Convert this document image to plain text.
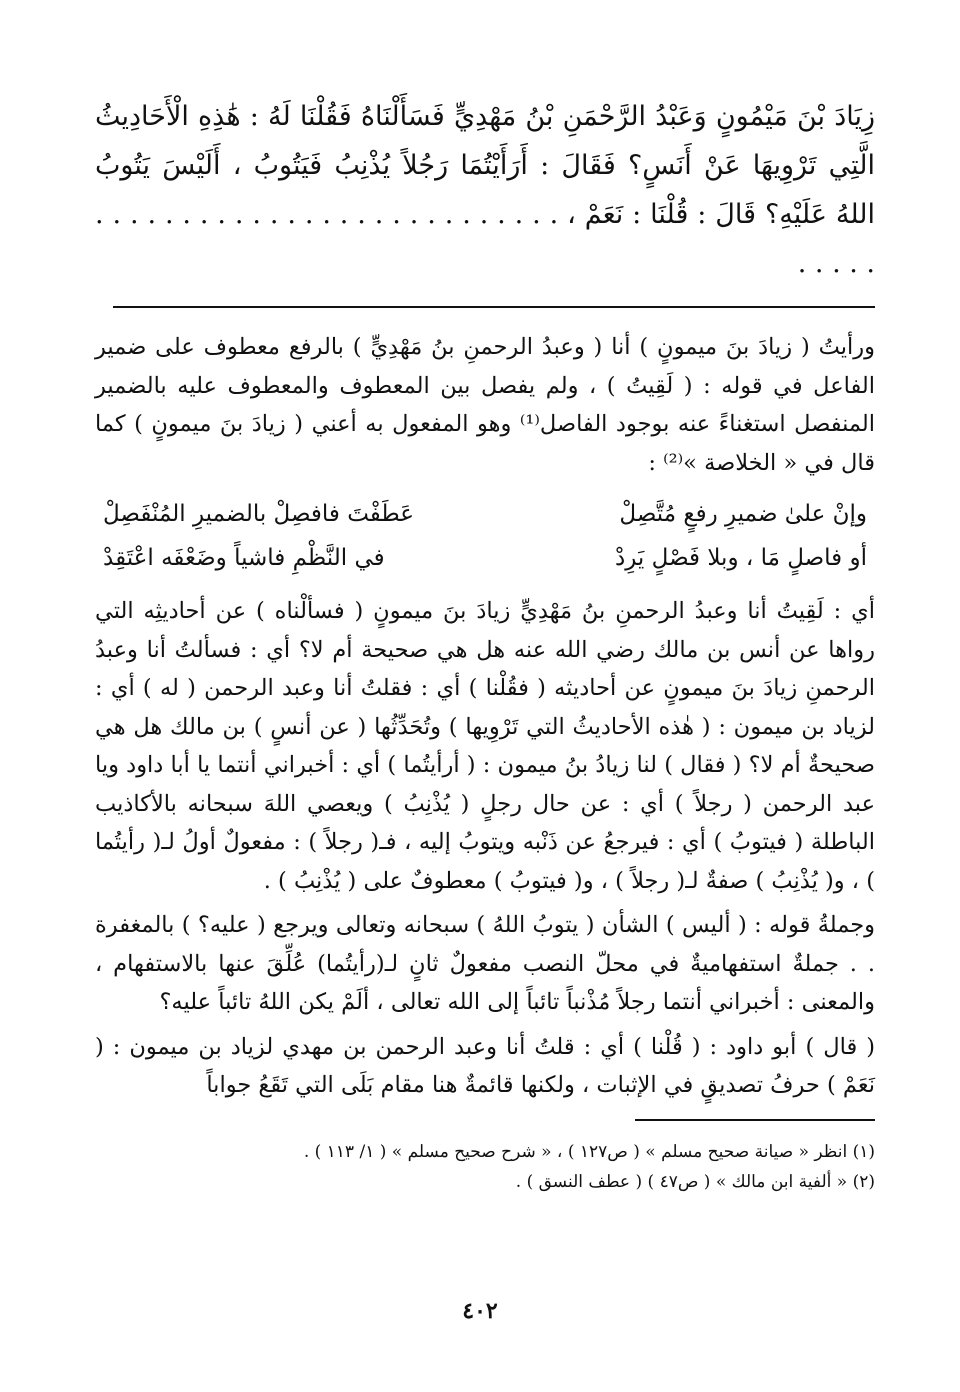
زِيَادَ بْنَ مَيْمُونٍ وَعَبْدُ الرَّحْمَنِ بْنُ مَهْدِيٍّ فَسَأَلْنَاهُ فَقُلْنَا لَهُ : هَٰذِهِ الْأَحَادِيثُ الَّتِي تَرْوِيهَا عَنْ أَنَسٍ؟ فَقَالَ : أَرَأَيْتُمَا رَجُلاً يُذْنِبُ فَيَتُوبُ ، أَلَيْسَ يَتُوبُ اللهُ عَلَيْهِ؟ قَالَ : قُلْنَا : نَعَمْ ، . . . . . . . . . . . . . . . . . . . . . . . . . . . . . . . .

ورأيتُ ( زيادَ بنَ ميمونٍ ) أنا ( وعبدُ الرحمنِ بنُ مَهْدِيٍّ ) بالرفع معطوف على ضمير الفاعل في قوله : ( لَقِيتُ ) ، ولم يفصل بين المعطوف والمعطوف عليه بالضمير المنفصل استغناءً عنه بوجود الفاصل⁽¹⁾ وهو المفعول به أعني ( زيادَ بنَ ميمونٍ ) كما قال في « الخلاصة »⁽²⁾ :

وإنْ علىٰ ضميرِ رفعٍ مُتَّصِلْ
عَطَفْتَ فافصِلْ بالضميرِ المُنْفَصِلْ
أو فاصلٍ مَا ، وبلا فَصْلٍ يَرِدْ
في النَّظْمِ فاشياً وضَعْفَه اعْتَقِدْ

أي : لَقِيتُ أنا وعبدُ الرحمنِ بنُ مَهْدِيٍّ زيادَ بنَ ميمونٍ ( فسألْناه ) عن أحاديثِه التي رواها عن أنس بن مالك رضي الله عنه هل هي صحيحة أم لا؟ أي : فسألتُ أنا وعبدُ الرحمنِ زيادَ بنَ ميمونٍ عن أحاديثه ( فقُلْنا ) أي : فقلتُ أنا وعبد الرحمن ( له ) أي : لزياد بن ميمون : ( هٰذه الأحاديثُ التي تَرْوِيها ) وتُحَدِّثُها ( عن أنسٍ ) بن مالك هل هي صحيحةٌ أم لا؟ ( فقال ) لنا زيادُ بنُ ميمون : ( أرأيتُما ) أي : أخبراني أنتما يا أبا داود ويا عبد الرحمن ( رجلاً ) أي : عن حال رجلٍ ( يُذْنِبُ ) ويعصي اللهَ سبحانه بالأكاذيب الباطلة ( فيتوبُ ) أي : فيرجعُ عن ذَنْبه ويتوبُ إليه ، فـ( رجلاً ) : مفعولٌ أولُ لـ( رأيتُما ) ، و( يُذْنِبُ ) صفةٌ لـ( رجلاً ) ، و( فيتوبُ ) معطوفٌ على ( يُذْنِبُ ) .

وجملةُ قوله : ( أليس ) الشأن ( يتوبُ اللهُ ) سبحانه وتعالى ويرجع ( عليه؟ ) بالمغفرة . . جملةٌ استفهاميةٌ في محلّ النصب مفعولٌ ثانٍ لـ(رأيتُما) عُلِّقَ عنها بالاستفهام ، والمعنى : أخبراني أنتما رجلاً مُذْنباً تائباً إلى الله تعالى ، ألَمْ يكن اللهُ تائباً عليه؟

( قال ) أبو داود : ( قُلْنا ) أي : قلتُ أنا وعبد الرحمن بن مهدي لزياد بن ميمون : ( نَعَمْ ) حرفُ تصديقٍ في الإثبات ، ولكنها قائمةٌ هنا مقام بَلَى التي تَقَعُ جواباً

(١) انظر « صيانة صحيح مسلم » ( ص١٢٧ ) ، « شرح صحيح مسلم » ( ١/ ١١٣ ) .

(٢) « ألفية ابن مالك » ( ص٤٧ ) ( عطف النسق ) .

٤٠٢
